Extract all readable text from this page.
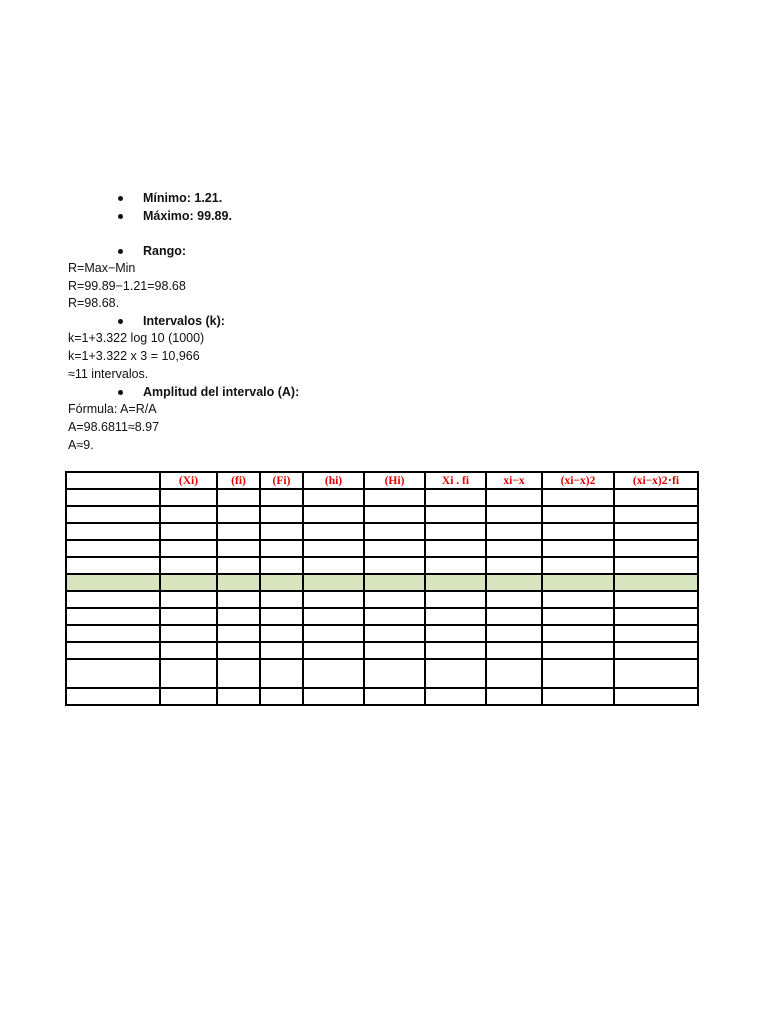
Mínimo: 1.21.
Máximo: 99.89.
Rango:
R=Max−Min
R=99.89−1.21=98.68
R=98.68.
Intervalos (k):
k=1+3.322 log 10 (1000)
k=1+3.322 x 3 = 10,966
≈11 intervalos.
Amplitud del intervalo (A):
Fórmula: A=R/A
A=98.6811≈8.97
A≈9.
	(Xi)	(fi)	(Fi)	(hi)	(Hi)	Xi . fi	xi−x	(xi−x)2	(xi−x)2⋅fi
